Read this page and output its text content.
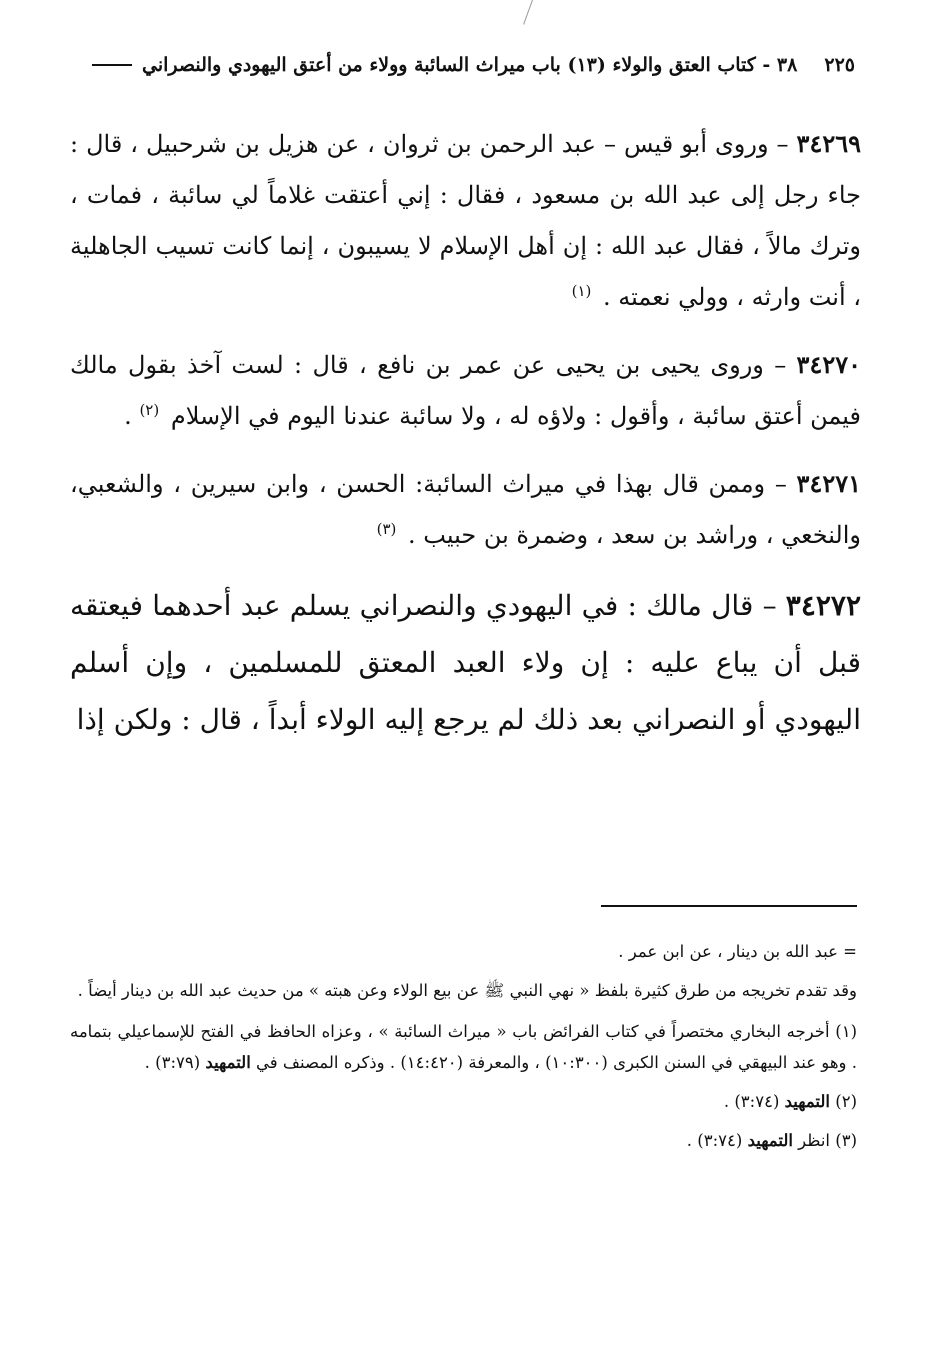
٢٢٥
٣٨ - كتاب العتق والولاء (١٣) باب ميراث السائبة وولاء من أعتق اليهودي والنصراني

٣٤٢٦٩ – وروى أبو قيس – عبد الرحمن بن ثروان ، عن هزيل بن شرحبيل ، قال : جاء رجل إلى عبد الله بن مسعود ، فقال : إني أعتقت غلاماً لي سائبة ، فمات ، وترك مالاً ، فقال عبد الله : إن أهل الإسلام لا يسيبون ، إنما كانت تسيب الجاهلية ، أنت وارثه ، وولي نعمته . $^{(١)}$

٣٤٢٧٠ – وروى يحيى بن يحيى عن عمر بن نافع ، قال : لست آخذ بقول مالك فيمن أعتق سائبة ، وأقول : ولاؤه له ، ولا سائبة عندنا اليوم في الإسلام $^{(٢)}$ .

٣٤٢٧١ – وممن قال بهذا في ميراث السائبة: الحسن ، وابن سيرين ، والشعبي، والنخعي ، وراشد بن سعد ، وضمرة بن حبيب . $^{(٣)}$

٣٤٢٧٢ – قال مالك : في اليهودي والنصراني يسلم عبد أحدهما فيعتقه قبل أن يباع عليه : إن ولاء العبد المعتق للمسلمين ، وإن أسلم اليهودي أو النصراني بعد ذلك لم يرجع إليه الولاء أبداً ، قال : ولكن إذا

= عبد الله بن دينار ، عن ابن عمر .

وقد تقدم تخريجه من طرق كثيرة بلفظ « نهي النبي ﷺ عن بيع الولاء وعن هبته » من حديث عبد الله بن دينار أيضاً .

(١) أخرجه البخاري مختصراً في كتاب الفرائض باب « ميراث السائبة » ، وعزاه الحافظ في الفتح للإسماعيلي بتمامه . وهو عند البيهقي في السنن الكبرى (١٠:٣٠٠) ، والمعرفة (١٤:٤٢٠) . وذكره المصنف في التمهيد (٣:٧٩) .

(٢) التمهيد (٣:٧٤) .

(٣) انظر التمهيد (٣:٧٤) .
